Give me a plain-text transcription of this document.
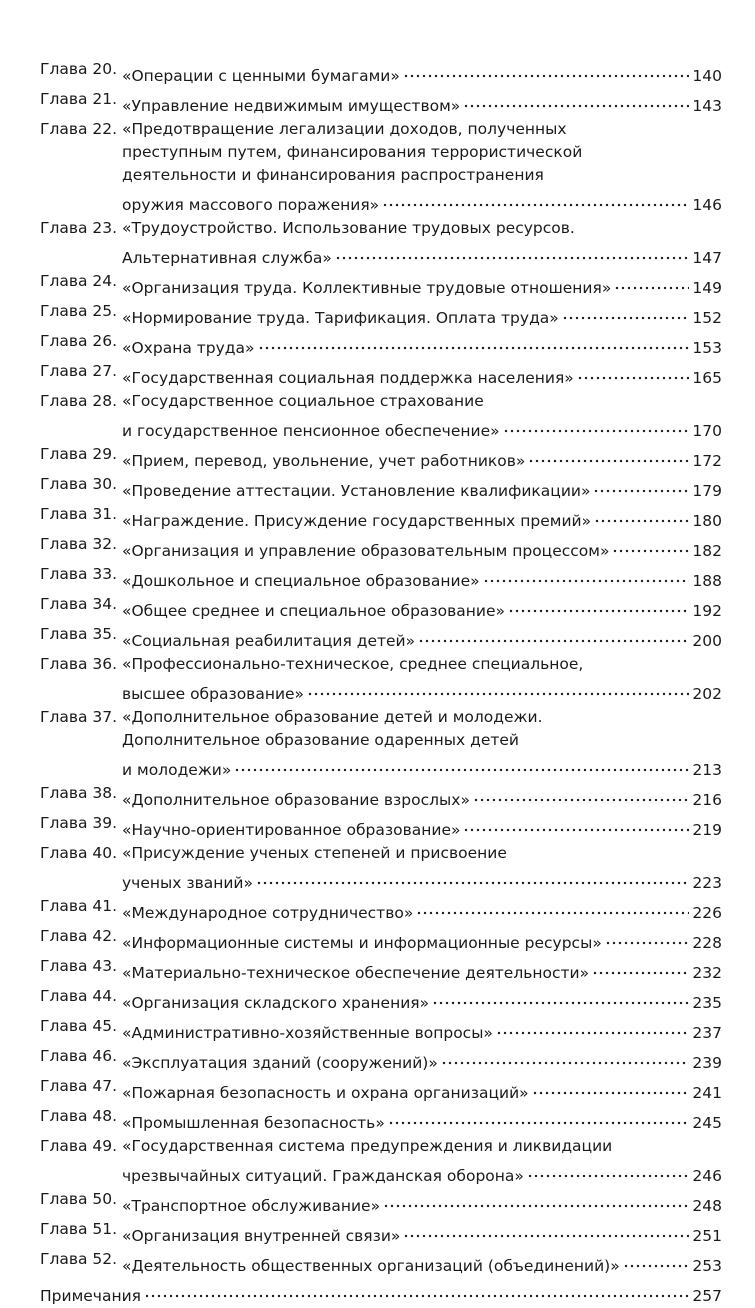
Глава 20. «Операции с ценными бумагами»	140
Глава 21. «Управление недвижимым имуществом»	143
Глава 22. «Предотвращение легализации доходов, полученных
преступным путем, финансирования террористической
деятельности и финансирования распространения
оружия массового поражения»	146
Глава 23. «Трудоустройство. Использование трудовых ресурсов.
Альтернативная служба»	147
Глава 24. «Организация труда. Коллективные трудовые отношения»	149
Глава 25. «Нормирование труда. Тарификация. Оплата труда»	152
Глава 26. «Охрана труда»	153
Глава 27. «Государственная социальная поддержка населения»	165
Глава 28. «Государственное социальное страхование
и государственное пенсионное обеспечение»	170
Глава 29. «Прием, перевод, увольнение, учет работников»	172
Глава 30. «Проведение аттестации. Установление квалификации»	179
Глава 31. «Награждение. Присуждение государственных премий»	180
Глава 32. «Организация и управление образовательным процессом»	182
Глава 33. «Дошкольное и специальное образование»	188
Глава 34. «Общее среднее и специальное образование»	192
Глава 35. «Социальная реабилитация детей»	200
Глава 36. «Профессионально-техническое, среднее специальное,
высшее образование»	202
Глава 37. «Дополнительное образование детей и молодежи.
Дополнительное образование одаренных детей
и молодежи»	213
Глава 38. «Дополнительное образование взрослых»	216
Глава 39. «Научно-ориентированное образование»	219
Глава 40. «Присуждение ученых степеней и присвоение
ученых званий»	223
Глава 41. «Международное сотрудничество»	226
Глава 42. «Информационные системы и информационные ресурсы»	228
Глава 43. «Материально-техническое обеспечение деятельности»	232
Глава 44. «Организация складского хранения»	235
Глава 45. «Административно-хозяйственные вопросы»	237
Глава 46. «Эксплуатация зданий (сооружений)»	239
Глава 47. «Пожарная безопасность и охрана организаций»	241
Глава 48. «Промышленная безопасность»	245
Глава 49. «Государственная система предупреждения и ликвидации
чрезвычайных ситуаций. Гражданская оборона»	246
Глава 50. «Транспортное обслуживание»	248
Глава 51. «Организация внутренней связи»	251
Глава 52. «Деятельность общественных организаций (объединений)»	253
Примечания	257
